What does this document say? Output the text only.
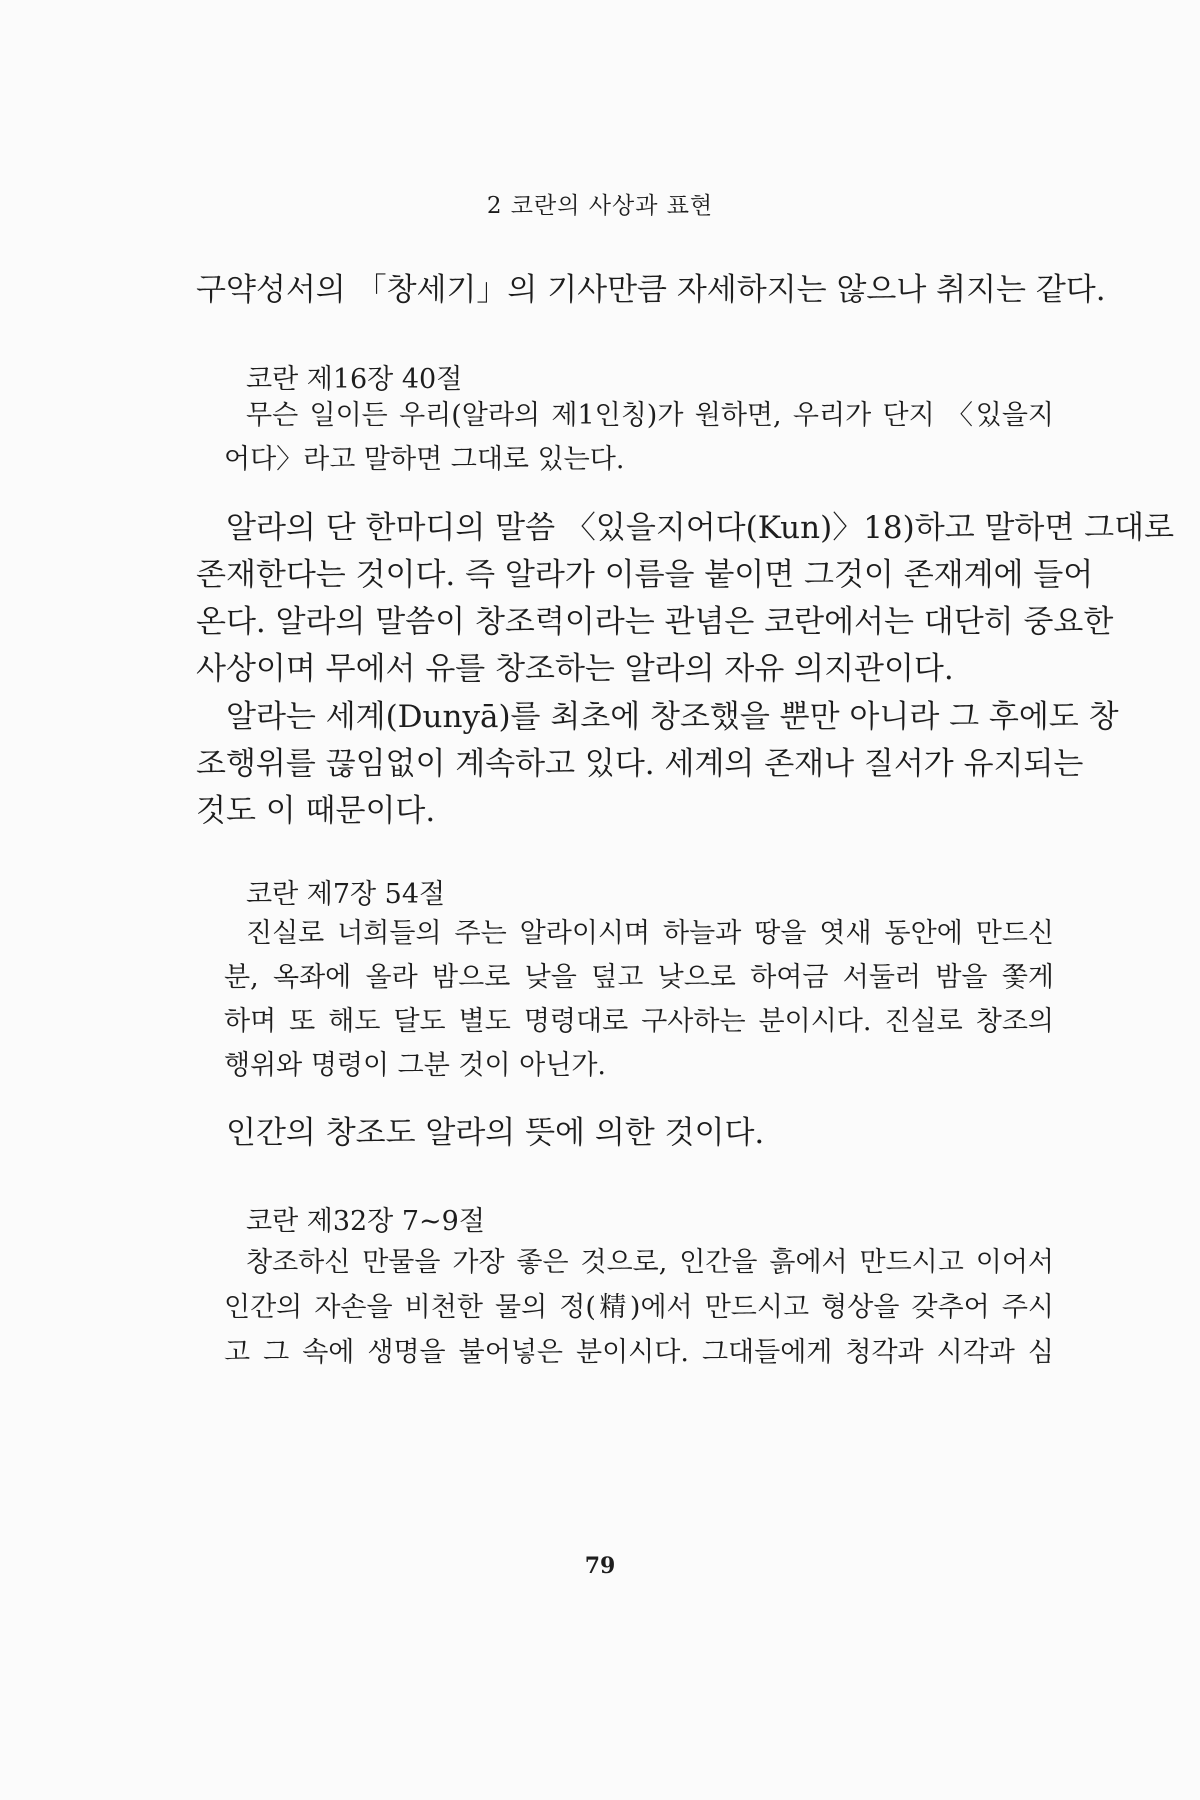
2 코란의 사상과 표현
구약성서의 「창세기」의 기사만큼 자세하지는 않으나 취지는 같다.
코란 제16장 40절
무슨 일이든 우리(알라의 제1인칭)가 원하면, 우리가 단지 〈있을지
어다〉라고 말하면 그대로 있는다.
알라의 단 한마디의 말씀 〈있을지어다(Kun)〉18)하고 말하면 그대로
존재한다는 것이다. 즉 알라가 이름을 붙이면 그것이 존재계에 들어
온다. 알라의 말씀이 창조력이라는 관념은 코란에서는 대단히 중요한
사상이며 무에서 유를 창조하는 알라의 자유 의지관이다.
알라는 세계(Dunyā)를 최초에 창조했을 뿐만 아니라 그 후에도 창
조행위를 끊임없이 계속하고 있다. 세계의 존재나 질서가 유지되는
것도 이 때문이다.
코란 제7장 54절
진실로 너희들의 주는 알라이시며 하늘과 땅을 엿새 동안에 만드신
분, 옥좌에 올라 밤으로 낮을 덮고 낮으로 하여금 서둘러 밤을 쫓게
하며 또 해도 달도 별도 명령대로 구사하는 분이시다. 진실로 창조의
행위와 명령이 그분 것이 아닌가.
인간의 창조도 알라의 뜻에 의한 것이다.
코란 제32장 7~9절
창조하신 만물을 가장 좋은 것으로, 인간을 흙에서 만드시고 이어서
인간의 자손을 비천한 물의 정(精)에서 만드시고 형상을 갖추어 주시
고 그 속에 생명을 불어넣은 분이시다. 그대들에게 청각과 시각과 심
79
